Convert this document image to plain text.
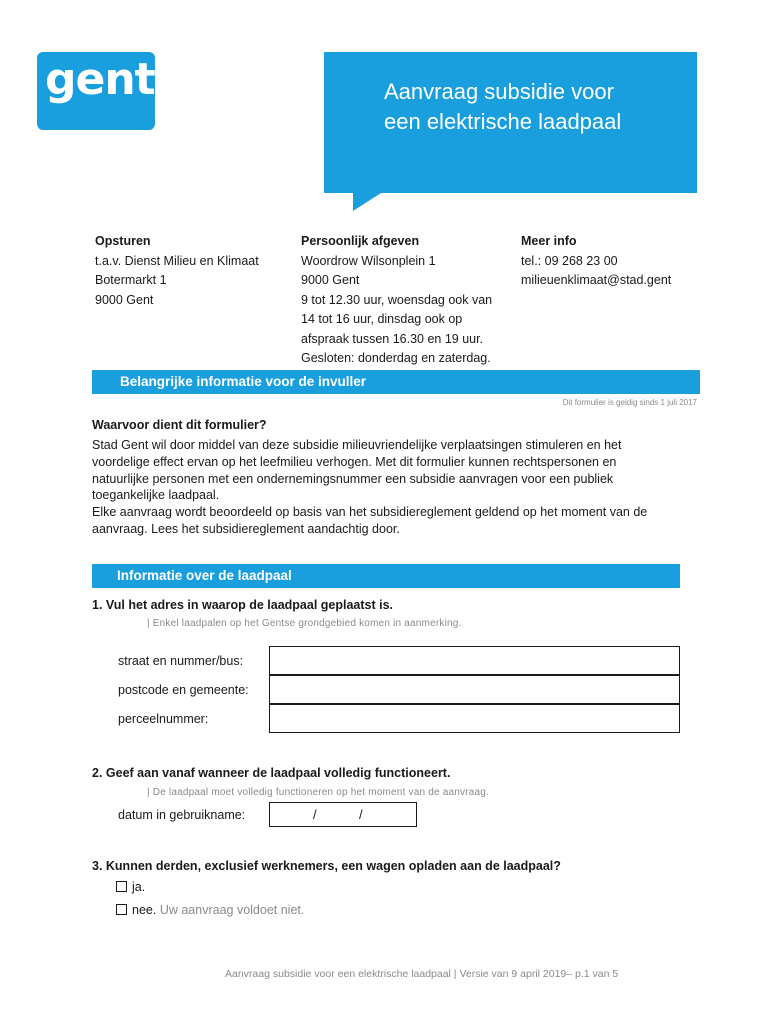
gent:	Aanvraag subsidie voor
een elektrische laadpaal
Opsturen
t.a.v. Dienst Milieu en Klimaat
Botermarkt 1
9000 Gent
Persoonlijk afgeven
Woordrow Wilsonplein 1
9000 Gent
9 tot 12.30 uur, woensdag ook van
14 tot 16 uur, dinsdag ook op
afspraak tussen 16.30 en 19 uur.
Gesloten: donderdag en zaterdag.
Meer info
tel.: 09 268 23 00
milieuenklimaat@stad.gent
Belangrijke informatie voor de invuller
Dit formulier is geldig sinds 1 juli 2017
Waarvoor dient dit formulier?
Stad Gent wil door middel van deze subsidie milieuvriendelijke verplaatsingen stimuleren en het
voordelige effect ervan op het leefmilieu verhogen. Met dit formulier kunnen rechtspersonen en
natuurlijke personen met een ondernemingsnummer een subsidie aanvragen voor een publiek
toegankelijke laadpaal.
Elke aanvraag wordt beoordeeld op basis van het subsidiereglement geldend op het moment van de
aanvraag. Lees het subsidiereglement aandachtig door.
Informatie over de laadpaal
1. Vul het adres in waarop de laadpaal geplaatst is.
| Enkel laadpalen op het Gentse grondgebied komen in aanmerking.
straat en nummer/bus:
postcode en gemeente:
perceelnummer:
2. Geef aan vanaf wanneer de laadpaal volledig functioneert.
| De laadpaal moet volledig functioneren op het moment van de aanvraag.
datum in gebruikname:	/	/
3. Kunnen derden, exclusief werknemers, een wagen opladen aan de laadpaal?
ja.
nee. Uw aanvraag voldoet niet.
Aanvraag subsidie voor een elektrische laadpaal | Versie van 9 april 2019– p.1 van 5
